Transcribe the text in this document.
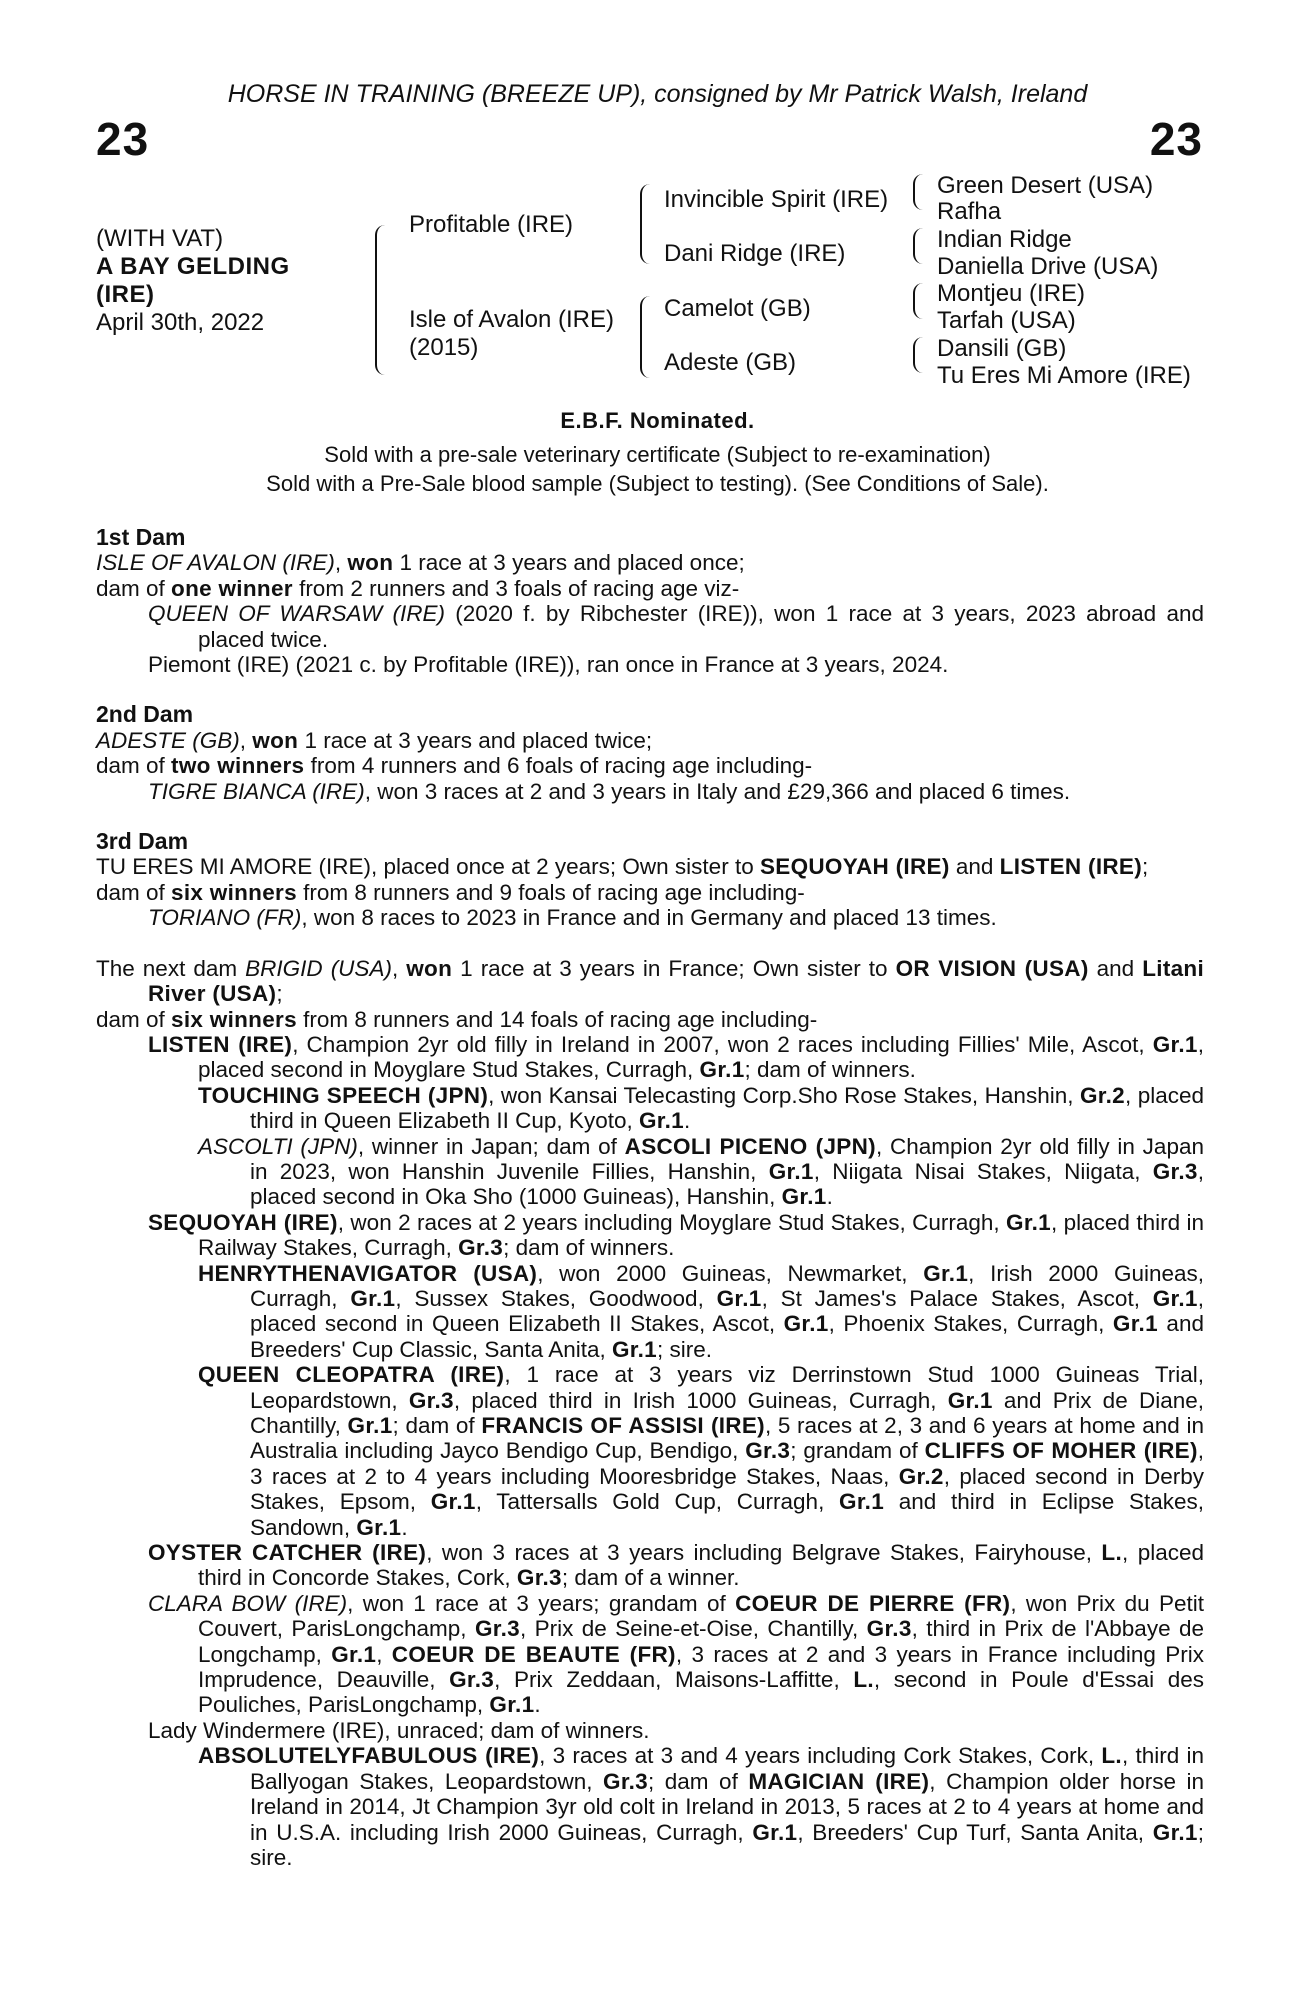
HORSE IN TRAINING (BREEZE UP), consigned by Mr Patrick Walsh, Ireland
23	23
(WITH VAT)
A BAY GELDING
(IRE)
April 30th, 2022
Profitable (IRE)
Isle of Avalon (IRE)
(2015)
Invincible Spirit (IRE)
Dani Ridge (IRE)
Camelot (GB)
Adeste (GB)
Green Desert (USA)
Rafha
Indian Ridge
Daniella Drive (USA)
Montjeu (IRE)
Tarfah (USA)
Dansili (GB)
Tu Eres Mi Amore (IRE)
E.B.F. Nominated.
Sold with a pre-sale veterinary certificate (Subject to re-examination)
Sold with a Pre-Sale blood sample (Subject to testing). (See Conditions of Sale).

1st Dam

ISLE OF AVALON (IRE), won 1 race at 3 years and placed once;

dam of one winner from 2 runners and 3 foals of racing age viz-

QUEEN OF WARSAW (IRE) (2020 f. by Ribchester (IRE)), won 1 race at 3 years, 2023 abroad and placed twice.

Piemont (IRE) (2021 c. by Profitable (IRE)), ran once in France at 3 years, 2024.

2nd Dam

ADESTE (GB), won 1 race at 3 years and placed twice;

dam of two winners from 4 runners and 6 foals of racing age including-

TIGRE BIANCA (IRE), won 3 races at 2 and 3 years in Italy and £29,366 and placed 6 times.

3rd Dam

TU ERES MI AMORE (IRE), placed once at 2 years; Own sister to SEQUOYAH (IRE) and LISTEN (IRE);

dam of six winners from 8 runners and 9 foals of racing age including-

TORIANO (FR), won 8 races to 2023 in France and in Germany and placed 13 times.

The next dam BRIGID (USA), won 1 race at 3 years in France; Own sister to OR VISION (USA) and Litani River (USA);

dam of six winners from 8 runners and 14 foals of racing age including-

LISTEN (IRE), Champion 2yr old filly in Ireland in 2007, won 2 races including Fillies' Mile, Ascot, Gr.1, placed second in Moyglare Stud Stakes, Curragh, Gr.1; dam of winners.

TOUCHING SPEECH (JPN), won Kansai Telecasting Corp.Sho Rose Stakes, Hanshin, Gr.2, placed third in Queen Elizabeth II Cup, Kyoto, Gr.1.

ASCOLTI (JPN), winner in Japan; dam of ASCOLI PICENO (JPN), Champion 2yr old filly in Japan in 2023, won Hanshin Juvenile Fillies, Hanshin, Gr.1, Niigata Nisai Stakes, Niigata, Gr.3, placed second in Oka Sho (1000 Guineas), Hanshin, Gr.1.

SEQUOYAH (IRE), won 2 races at 2 years including Moyglare Stud Stakes, Curragh, Gr.1, placed third in Railway Stakes, Curragh, Gr.3; dam of winners.

HENRYTHENAVIGATOR (USA), won 2000 Guineas, Newmarket, Gr.1, Irish 2000 Guineas, Curragh, Gr.1, Sussex Stakes, Goodwood, Gr.1, St James's Palace Stakes, Ascot, Gr.1, placed second in Queen Elizabeth II Stakes, Ascot, Gr.1, Phoenix Stakes, Curragh, Gr.1 and Breeders' Cup Classic, Santa Anita, Gr.1; sire.

QUEEN CLEOPATRA (IRE), 1 race at 3 years viz Derrinstown Stud 1000 Guineas Trial, Leopardstown, Gr.3, placed third in Irish 1000 Guineas, Curragh, Gr.1 and Prix de Diane, Chantilly, Gr.1; dam of FRANCIS OF ASSISI (IRE), 5 races at 2, 3 and 6 years at home and in Australia including Jayco Bendigo Cup, Bendigo, Gr.3; grandam of CLIFFS OF MOHER (IRE), 3 races at 2 to 4 years including Mooresbridge Stakes, Naas, Gr.2, placed second in Derby Stakes, Epsom, Gr.1, Tattersalls Gold Cup, Curragh, Gr.1 and third in Eclipse Stakes, Sandown, Gr.1.

OYSTER CATCHER (IRE), won 3 races at 3 years including Belgrave Stakes, Fairyhouse, L., placed third in Concorde Stakes, Cork, Gr.3; dam of a winner.

CLARA BOW (IRE), won 1 race at 3 years; grandam of COEUR DE PIERRE (FR), won Prix du Petit Couvert, ParisLongchamp, Gr.3, Prix de Seine-et-Oise, Chantilly, Gr.3, third in Prix de l'Abbaye de Longchamp, Gr.1, COEUR DE BEAUTE (FR), 3 races at 2 and 3 years in France including Prix Imprudence, Deauville, Gr.3, Prix Zeddaan, Maisons-Laffitte, L., second in Poule d'Essai des Pouliches, ParisLongchamp, Gr.1.

Lady Windermere (IRE), unraced; dam of winners.

ABSOLUTELYFABULOUS (IRE), 3 races at 3 and 4 years including Cork Stakes, Cork, L., third in Ballyogan Stakes, Leopardstown, Gr.3; dam of MAGICIAN (IRE), Champion older horse in Ireland in 2014, Jt Champion 3yr old colt in Ireland in 2013, 5 races at 2 to 4 years at home and in U.S.A. including Irish 2000 Guineas, Curragh, Gr.1, Breeders' Cup Turf, Santa Anita, Gr.1; sire.
